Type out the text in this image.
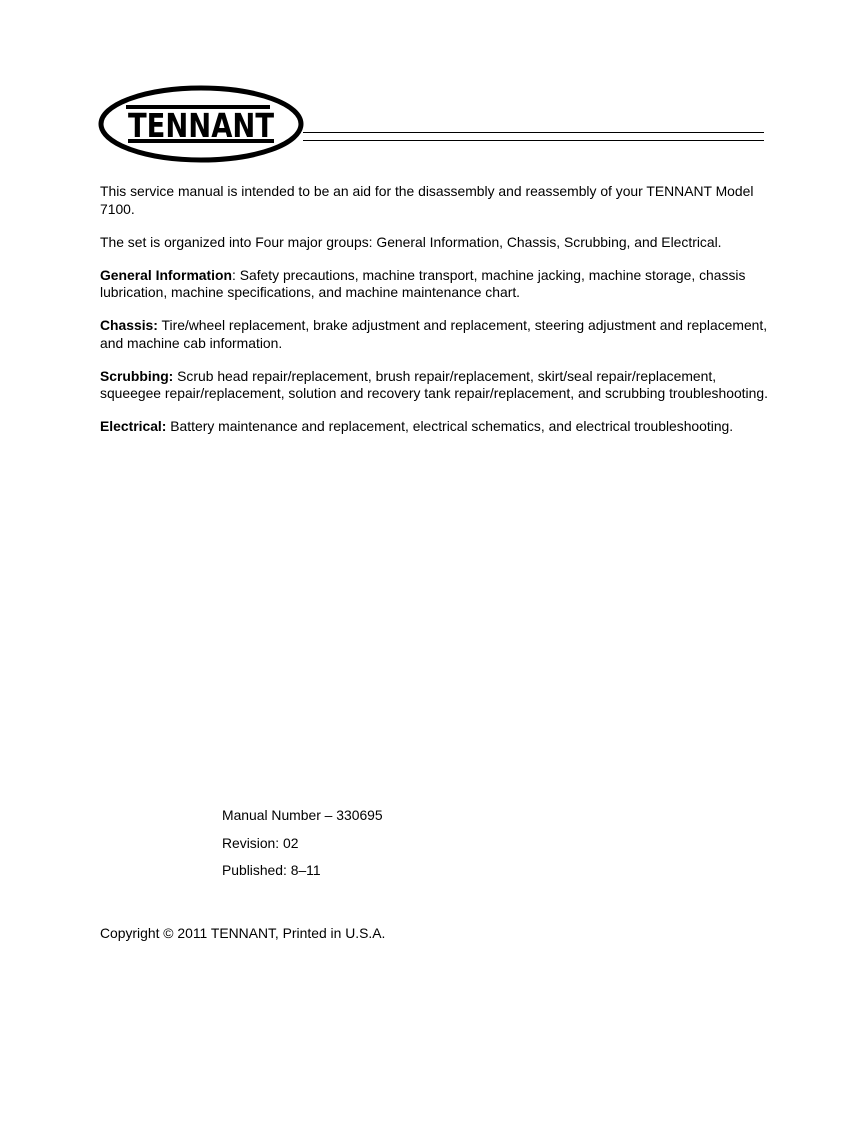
TENNANT

This service manual is intended to be an aid for the disassembly and reassembly of your TENNANT Model 7100.

The set is organized into Four major groups: General Information, Chassis, Scrubbing, and Electrical.

General Information: Safety precautions, machine transport, machine jacking, machine storage, chassis lubrication, machine specifications, and machine maintenance chart.

Chassis: Tire/wheel replacement, brake adjustment and replacement, steering adjustment and replacement, and machine cab information.

Scrubbing: Scrub head repair/replacement, brush repair/replacement, skirt/seal repair/replacement, squeegee repair/replacement, solution and recovery tank repair/replacement, and scrubbing troubleshooting.

Electrical: Battery maintenance and replacement, electrical schematics, and electrical troubleshooting.

Manual Number – 330695
Revision: 02
Published: 8–11
Copyright © 2011 TENNANT, Printed in U.S.A.
